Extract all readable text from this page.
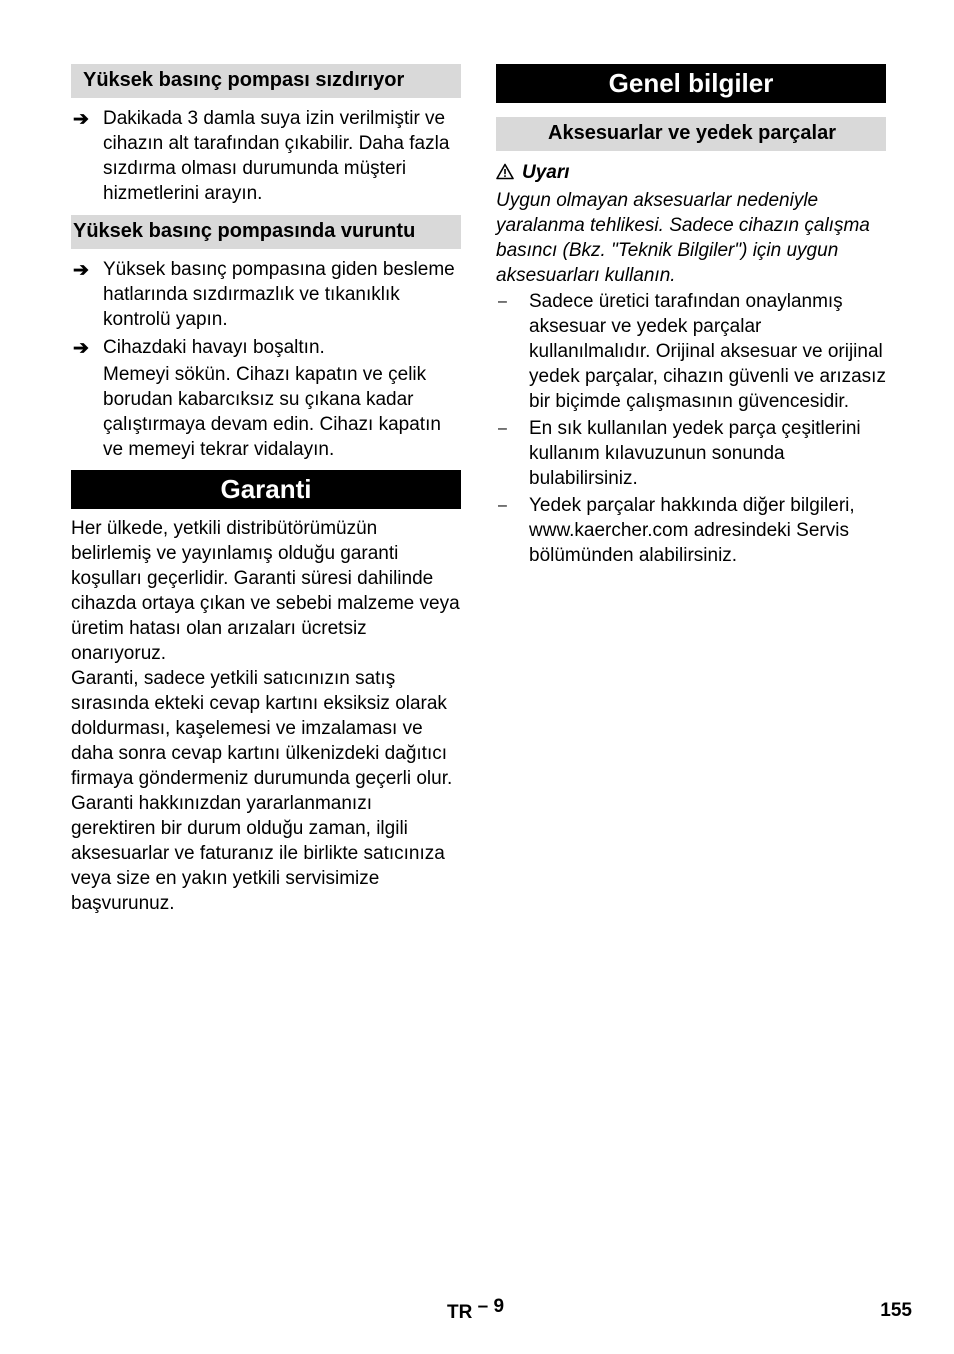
Yüksek basınç pompası sızdırıyor
➔ Dakikada 3 damla suya izin verilmiştir ve cihazın alt tarafından çıkabilir. Daha fazla sızdırma olması durumunda müşteri hizmetlerini arayın.
Yüksek basınç pompasında vuruntu
➔ Yüksek basınç pompasına giden besleme hatlarında sızdırmazlık ve tıkanıklık kontrolü yapın.
➔ Cihazdaki havayı boşaltın.
Memeyi sökün. Cihazı kapatın ve çelik borudan kabarcıksız su çıkana kadar çalıştırmaya devam edin. Cihazı kapatın ve memeyi tekrar vidalayın.
Garanti

Her ülkede, yetkili distribütörümüzün belirlemiş ve yayınlamış olduğu garanti koşulları geçerlidir. Garanti süresi dahilinde cihazda ortaya çıkan ve sebebi malzeme veya üretim hatası olan arızaları ücretsiz onarıyoruz.

Garanti, sadece yetkili satıcınızın satış sırasında ekteki cevap kartını eksiksiz olarak doldurması, kaşelemesi ve imzalaması ve daha sonra cevap kartını ülkenizdeki dağıtıcı firmaya göndermeniz durumunda geçerli olur.

Garanti hakkınızdan yararlanmanızı gerektiren bir durum olduğu zaman, ilgili aksesuarlar ve faturanız ile birlikte satıcınıza veya size en yakın yetkili servisimize başvurunuz.

Genel bilgiler
Aksesuarlar ve yedek parçalar
Uyarı

Uygun olmayan aksesuarlar nedeniyle yaralanma tehlikesi. Sadece cihazın çalışma basıncı (Bkz. "Teknik Bilgiler") için uygun aksesuarları kullanın.

– Sadece üretici tarafından onaylanmış aksesuar ve yedek parçalar kullanılmalıdır. Orijinal aksesuar ve orijinal yedek parçalar, cihazın güvenli ve arızasız bir biçimde çalışmasının güvencesidir.
– En sık kullanılan yedek parça çeşitlerini kullanım kılavuzunun sonunda bulabilirsiniz.
– Yedek parçalar hakkında diğer bilgileri, www.kaercher.com adresindeki Servis bölümünden alabilirsiniz.
TR – 9	155
